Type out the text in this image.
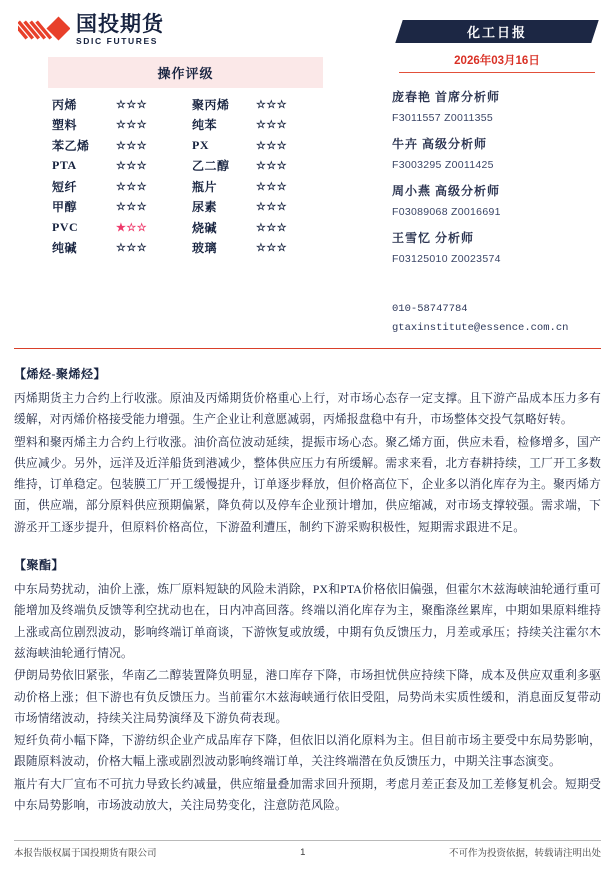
国投期货
SDIC FUTURES
操作评级
丙烯	☆☆☆	聚丙烯	☆☆☆
塑料	☆☆☆	纯苯	☆☆☆
苯乙烯	☆☆☆	PX	☆☆☆
PTA	☆☆☆	乙二醇	☆☆☆
短纤	☆☆☆	瓶片	☆☆☆
甲醇	☆☆☆	尿素	☆☆☆
PVC	★☆☆	烧碱	☆☆☆
纯碱	☆☆☆	玻璃	☆☆☆
化工日报
2026年03月16日
庞春艳 首席分析师
F3011557 Z0011355
牛卉 高级分析师
F3003295 Z0011425
周小燕 高级分析师
F03089068 Z0016691
王雪忆 分析师
F03125010 Z0023574
010-58747784
gtaxinstitute@essence.com.cn
【烯烃-聚烯烃】

丙烯期货主力合约上行收涨。原油及丙烯期货价格重心上行，对市场心态存一定支撑。且下游产品成本压力多有缓解，对丙烯价格接受能力增强。生产企业让利意愿减弱，丙烯报盘稳中有升，市场整体交投气氛略好转。

塑料和聚丙烯主力合约上行收涨。油价高位波动延续，提振市场心态。聚乙烯方面，供应未看，检修增多，国产供应减少。另外，远洋及近洋船货到港减少，整体供应压力有所缓解。需求来看，北方春耕持续，工厂开工多数维持，订单稳定。包装膜工厂开工缓慢提升，订单逐步释放，但价格高位下，企业多以消化库存为主。聚丙烯方面，供应端，部分原料供应预期偏紧，降负荷以及停车企业预计增加，供应缩减，对市场支撑较强。需求端，下游丞开工逐步提升，但原料价格高位，下游盈利遭压，制约下游采购积极性，短期需求跟进不足。

【聚酯】

中东局势扰动，油价上涨，炼厂原料短缺的风险未消除，PX和PTA价格依旧偏强，但霍尔木兹海峡油轮通行重可能增加及终端负反馈等利空扰动也在，日内冲高回落。终端以消化库存为主，聚酯涤丝累库，中期如果原料维持上涨或高位剧烈波动，影响终端订单商谈，下游恢复或放缓，中期有负反馈压力，月差或承压；持续关注霍尔木兹海峡油轮通行情况。

伊朗局势依旧紧张，华南乙二醇装置降负明显，港口库存下降，市场担忧供应持续下降，成本及供应双重利多驱动价格上涨；但下游也有负反馈压力。当前霍尔木兹海峡通行依旧受阻，局势尚未实质性缓和，消息面反复带动市场情绪波动，持续关注局势演绎及下游负荷表现。

短纤负荷小幅下降，下游纺织企业产成品库存下降，但依旧以消化原料为主。但目前市场主要受中东局势影响，跟随原料波动，价格大幅上涨或剧烈波动影响终端订单，关注终端潜在负反馈压力，中期关注事态演变。

瓶片有大厂宣布不可抗力导致长约减量，供应缩量叠加需求回升预期，考虑月差正套及加工差修复机会。短期受中东局势影响，市场波动放大，关注局势变化，注意防范风险。

本报告版权属于国投期货有限公司	1	不可作为投资依据，转载请注明出处
